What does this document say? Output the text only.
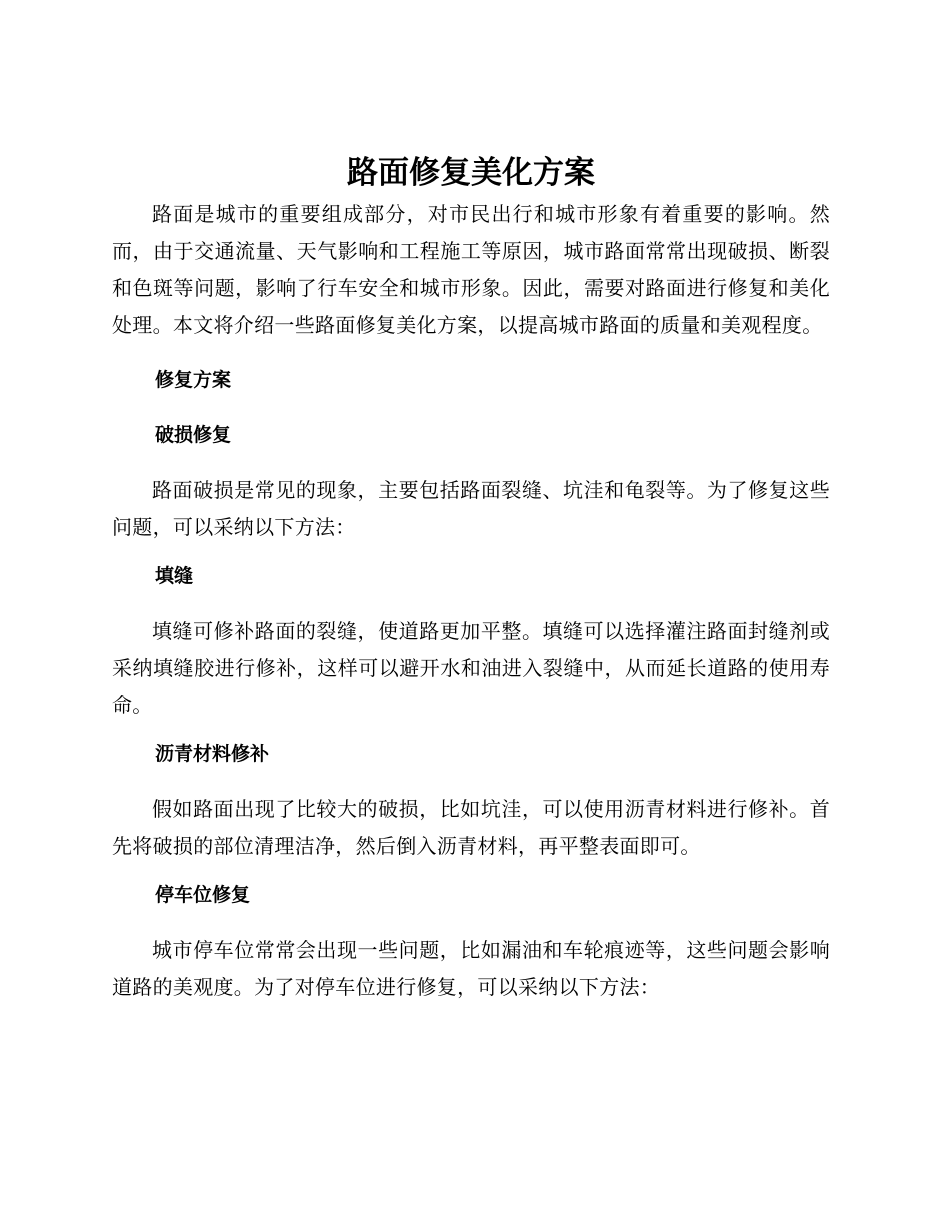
路面修复美化方案

路面是城市的重要组成部分，对市民出行和城市形象有着重要的影响。然而，由于交通流量、天气影响和工程施工等原因，城市路面常常出现破损、断裂和色斑等问题，影响了行车安全和城市形象。因此，需要对路面进行修复和美化处理。本文将介绍一些路面修复美化方案，以提高城市路面的质量和美观程度。

修复方案
破损修复

路面破损是常见的现象，主要包括路面裂缝、坑洼和龟裂等。为了修复这些问题，可以采纳以下方法：

填缝

填缝可修补路面的裂缝，使道路更加平整。填缝可以选择灌注路面封缝剂或采纳填缝胶进行修补，这样可以避开水和油进入裂缝中，从而延长道路的使用寿命。

沥青材料修补

假如路面出现了比较大的破损，比如坑洼，可以使用沥青材料进行修补。首先将破损的部位清理洁净，然后倒入沥青材料，再平整表面即可。

停车位修复

城市停车位常常会出现一些问题，比如漏油和车轮痕迹等，这些问题会影响道路的美观度。为了对停车位进行修复，可以采纳以下方法：
